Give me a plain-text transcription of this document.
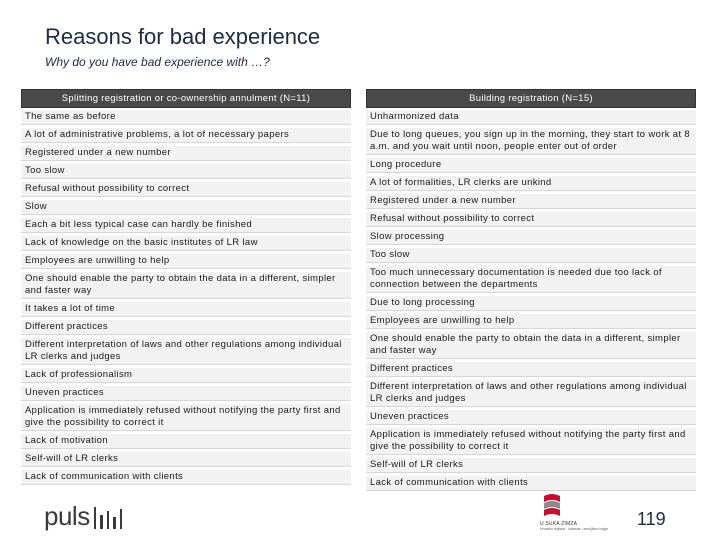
Reasons for bad experience
Why do you have bad experience with …?
Splitting registration or co-ownership annulment (N=11)
The same as before
A lot of administrative problems, a lot of necessary papers
Registered under a new number
Too slow
Refusal without possibility to correct
Slow
Each a bit less typical case can hardly be finished
Lack of knowledge on the basic institutes of LR law
Employees are unwilling to help
One should enable the party to obtain the data in a different, simpler and faster way
It takes a lot of time
Different practices
Different interpretation of laws and other regulations among individual LR clerks and judges
Lack of professionalism
Uneven practices
Application is immediately refused without notifying the party first and give the possibility to correct it
Lack of motivation
Self-will of LR clerks
Lack of communication with clients
Building registration (N=15)
Unharmonized data
Due to long queues, you sign up in the morning, they start to work at 8 a.m. and you wait until noon, people enter out of order
Long procedure
A lot of formalities, LR clerks are unkind
Registered under a new number
Refusal without possibility to correct
Slow processing
Too slow
Too much unnecessary documentation is needed due too lack of connection between the departments
Due to long processing
Employees are unwilling to help
One should enable the party to obtain the data in a different, simpler and faster way
Different practices
Different interpretation of laws and other regulations among individual LR clerks and judges
Uneven practices
Application is immediately refused without notifying the party first and give the possibility to correct it
Self-will of LR clerks
Lack of communication with clients
puls	U SUKA ZIMZA
Hrvatski registar · katastar i zemljišne knjige 119
